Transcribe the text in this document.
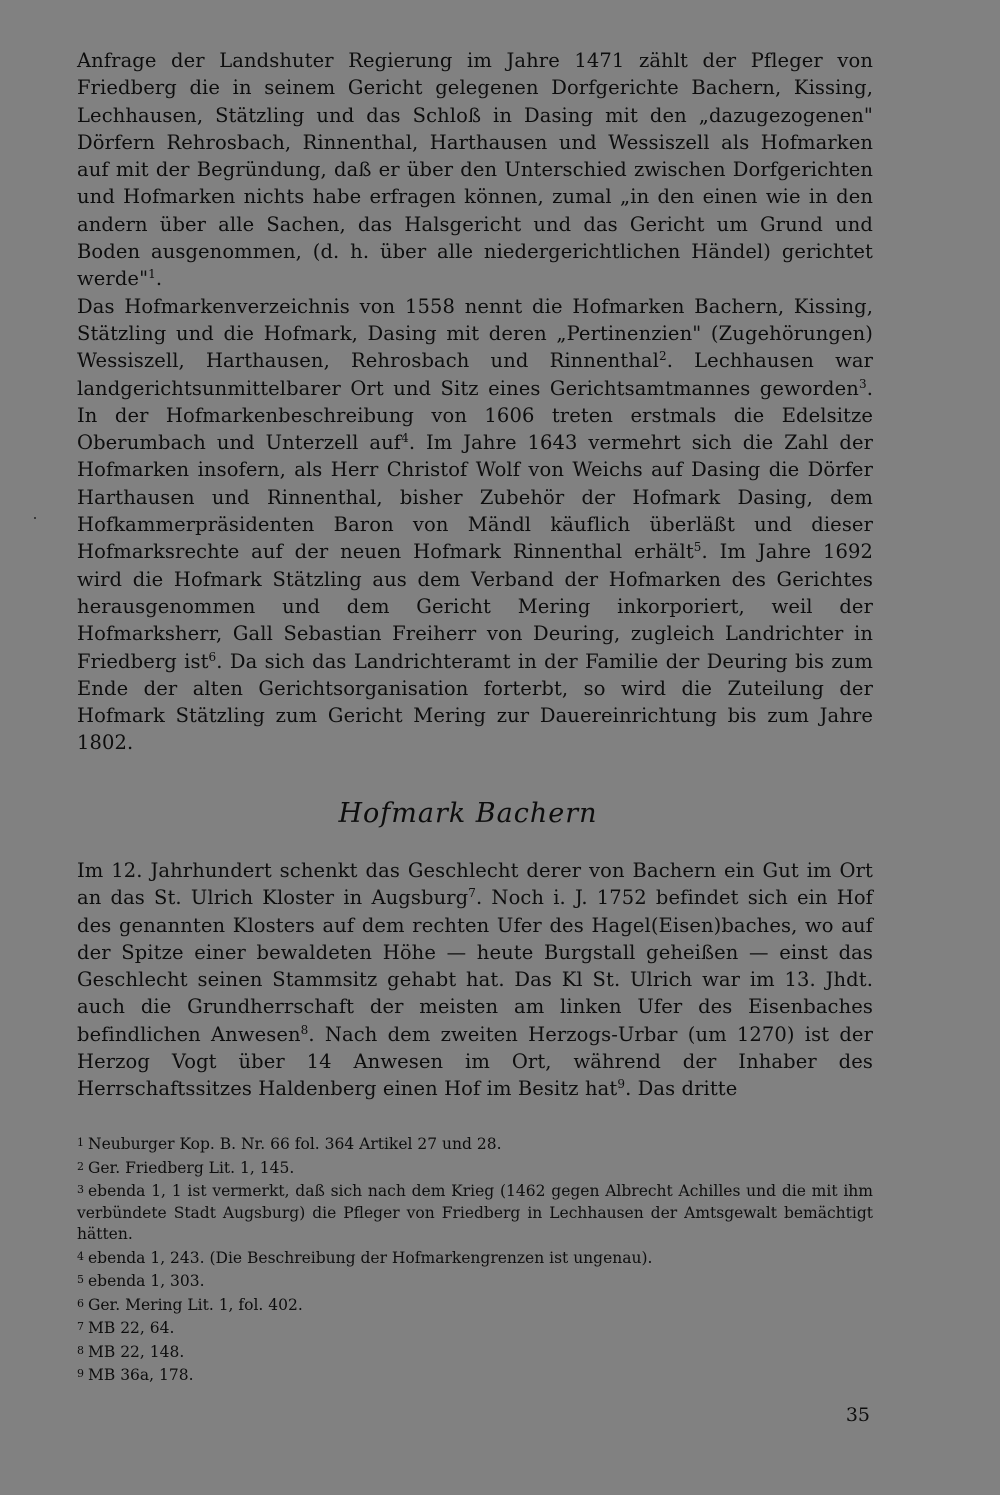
Anfrage der Landshuter Regierung im Jahre 1471 zählt der Pfleger von Friedberg die in seinem Gericht gelegenen Dorfgerichte Bachern, Kissing, Lechhausen, Stätzling und das Schloß in Dasing mit den „dazugezogenen" Dörfern Rehrosbach, Rinnenthal, Harthausen und Wessiszell als Hofmarken auf mit der Begründung, daß er über den Unterschied zwischen Dorfgerichten und Hofmarken nichts habe erfragen können, zumal „in den einen wie in den andern über alle Sachen, das Halsgericht und das Gericht um Grund und Boden ausgenommen, (d. h. über alle niedergerichtlichen Händel) gerichtet werde"$^1$.

Das Hofmarkenverzeichnis von 1558 nennt die Hofmarken Bachern, Kissing, Stätzling und die Hofmark, Dasing mit deren „Pertinenzien" (Zugehörungen) Wessiszell, Harthausen, Rehrosbach und Rinnenthal$^2$. Lechhausen war landgerichtsunmittelbarer Ort und Sitz eines Gerichtsamtmannes geworden$^3$. In der Hofmarkenbeschreibung von 1606 treten erstmals die Edelsitze Oberumbach und Unterzell auf$^4$. Im Jahre 1643 vermehrt sich die Zahl der Hofmarken insofern, als Herr Christof Wolf von Weichs auf Dasing die Dörfer Harthausen und Rinnenthal, bisher Zubehör der Hofmark Dasing, dem Hofkammerpräsidenten Baron von Mändl käuflich überläßt und dieser Hofmarksrechte auf der neuen Hofmark Rinnenthal erhält$^5$. Im Jahre 1692 wird die Hofmark Stätzling aus dem Verband der Hofmarken des Gerichtes herausgenommen und dem Gericht Mering inkorporiert, weil der Hofmarksherr, Gall Sebastian Freiherr von Deuring, zugleich Landrichter in Friedberg ist$^6$. Da sich das Landrichteramt in der Familie der Deuring bis zum Ende der alten Gerichtsorganisation forterbt, so wird die Zuteilung der Hofmark Stätzling zum Gericht Mering zur Dauereinrichtung bis zum Jahre 1802.

Hofmark Bachern

Im 12. Jahrhundert schenkt das Geschlecht derer von Bachern ein Gut im Ort an das St. Ulrich Kloster in Augsburg$^7$. Noch i. J. 1752 befindet sich ein Hof des genannten Klosters auf dem rechten Ufer des Hagel(Eisen)baches, wo auf der Spitze einer bewaldeten Höhe — heute Burgstall geheißen — einst das Geschlecht seinen Stammsitz gehabt hat. Das Kl St. Ulrich war im 13. Jhdt. auch die Grundherrschaft der meisten am linken Ufer des Eisenbaches befindlichen Anwesen$^8$. Nach dem zweiten Herzogs-Urbar (um 1270) ist der Herzog Vogt über 14 Anwesen im Ort, während der Inhaber des Herrschaftssitzes Haldenberg einen Hof im Besitz hat$^9$. Das dritte

1 Neuburger Kop. B. Nr. 66 fol. 364 Artikel 27 und 28.

2 Ger. Friedberg Lit. 1, 145.

3 ebenda 1, 1 ist vermerkt, daß sich nach dem Krieg (1462 gegen Albrecht Achilles und die mit ihm verbündete Stadt Augsburg) die Pfleger von Friedberg in Lechhausen der Amtsgewalt bemächtigt hätten.

4 ebenda 1, 243. (Die Beschreibung der Hofmarkengrenzen ist ungenau).

5 ebenda 1, 303.

6 Ger. Mering Lit. 1, fol. 402.

7 MB 22, 64.

8 MB 22, 148.

9 MB 36a, 178.

35
